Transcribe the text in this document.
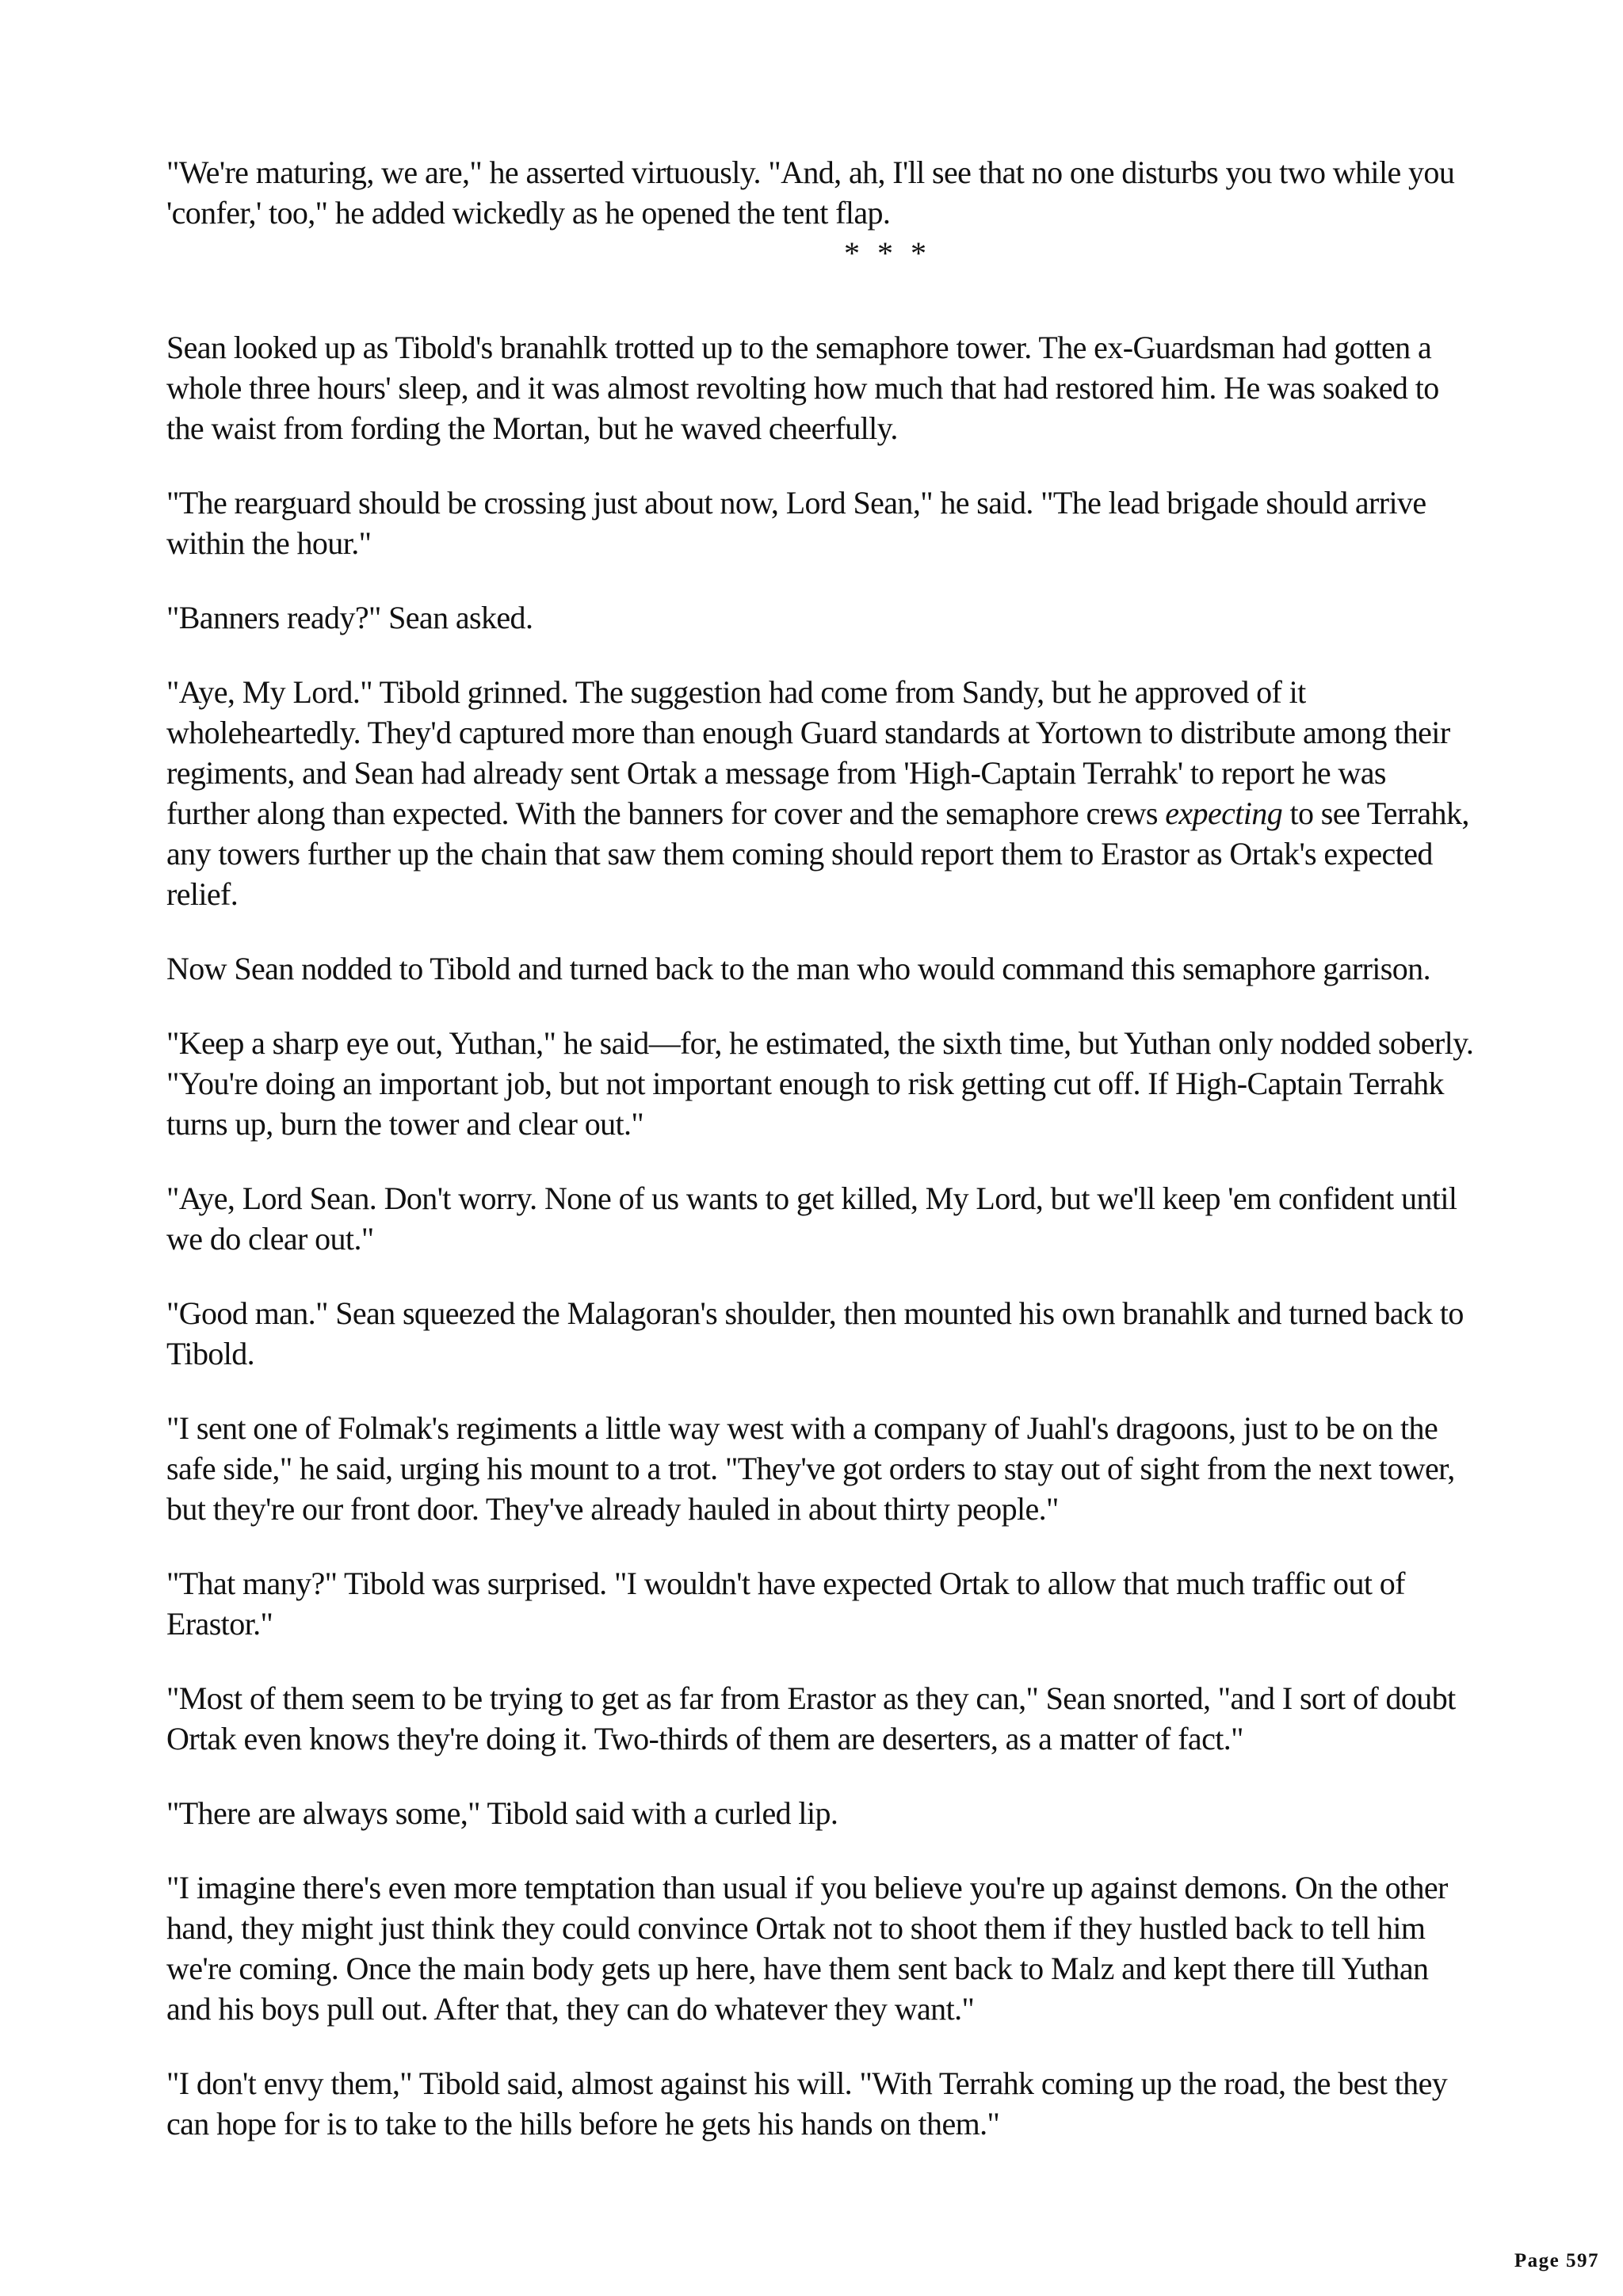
"We're maturing, we are," he asserted virtuously. "And, ah, I'll see that no one disturbs you two while you 'confer,' too," he added wickedly as he opened the tent flap.

* * *

Sean looked up as Tibold's branahlk trotted up to the semaphore tower. The ex-Guardsman had gotten a whole three hours' sleep, and it was almost revolting how much that had restored him. He was soaked to the waist from fording the Mortan, but he waved cheerfully.

"The rearguard should be crossing just about now, Lord Sean," he said. "The lead brigade should arrive within the hour."

"Banners ready?" Sean asked.

"Aye, My Lord." Tibold grinned. The suggestion had come from Sandy, but he approved of it wholeheartedly. They'd captured more than enough Guard standards at Yortown to distribute among their regiments, and Sean had already sent Ortak a message from 'High-Captain Terrahk' to report he was further along than expected. With the banners for cover and the semaphore crews expecting to see Terrahk, any towers further up the chain that saw them coming should report them to Erastor as Ortak's expected relief.

Now Sean nodded to Tibold and turned back to the man who would command this semaphore garrison.

"Keep a sharp eye out, Yuthan," he said—for, he estimated, the sixth time, but Yuthan only nodded soberly. "You're doing an important job, but not important enough to risk getting cut off. If High-Captain Terrahk turns up, burn the tower and clear out."

"Aye, Lord Sean. Don't worry. None of us wants to get killed, My Lord, but we'll keep 'em confident until we do clear out."

"Good man." Sean squeezed the Malagoran's shoulder, then mounted his own branahlk and turned back to Tibold.

"I sent one of Folmak's regiments a little way west with a company of Juahl's dragoons, just to be on the safe side," he said, urging his mount to a trot. "They've got orders to stay out of sight from the next tower, but they're our front door. They've already hauled in about thirty people."

"That many?" Tibold was surprised. "I wouldn't have expected Ortak to allow that much traffic out of Erastor."

"Most of them seem to be trying to get as far from Erastor as they can," Sean snorted, "and I sort of doubt Ortak even knows they're doing it. Two-thirds of them are deserters, as a matter of fact."

"There are always some," Tibold said with a curled lip.

"I imagine there's even more temptation than usual if you believe you're up against demons. On the other hand, they might just think they could convince Ortak not to shoot them if they hustled back to tell him we're coming. Once the main body gets up here, have them sent back to Malz and kept there till Yuthan and his boys pull out. After that, they can do whatever they want."

"I don't envy them," Tibold said, almost against his will. "With Terrahk coming up the road, the best they can hope for is to take to the hills before he gets his hands on them."

Page 597
